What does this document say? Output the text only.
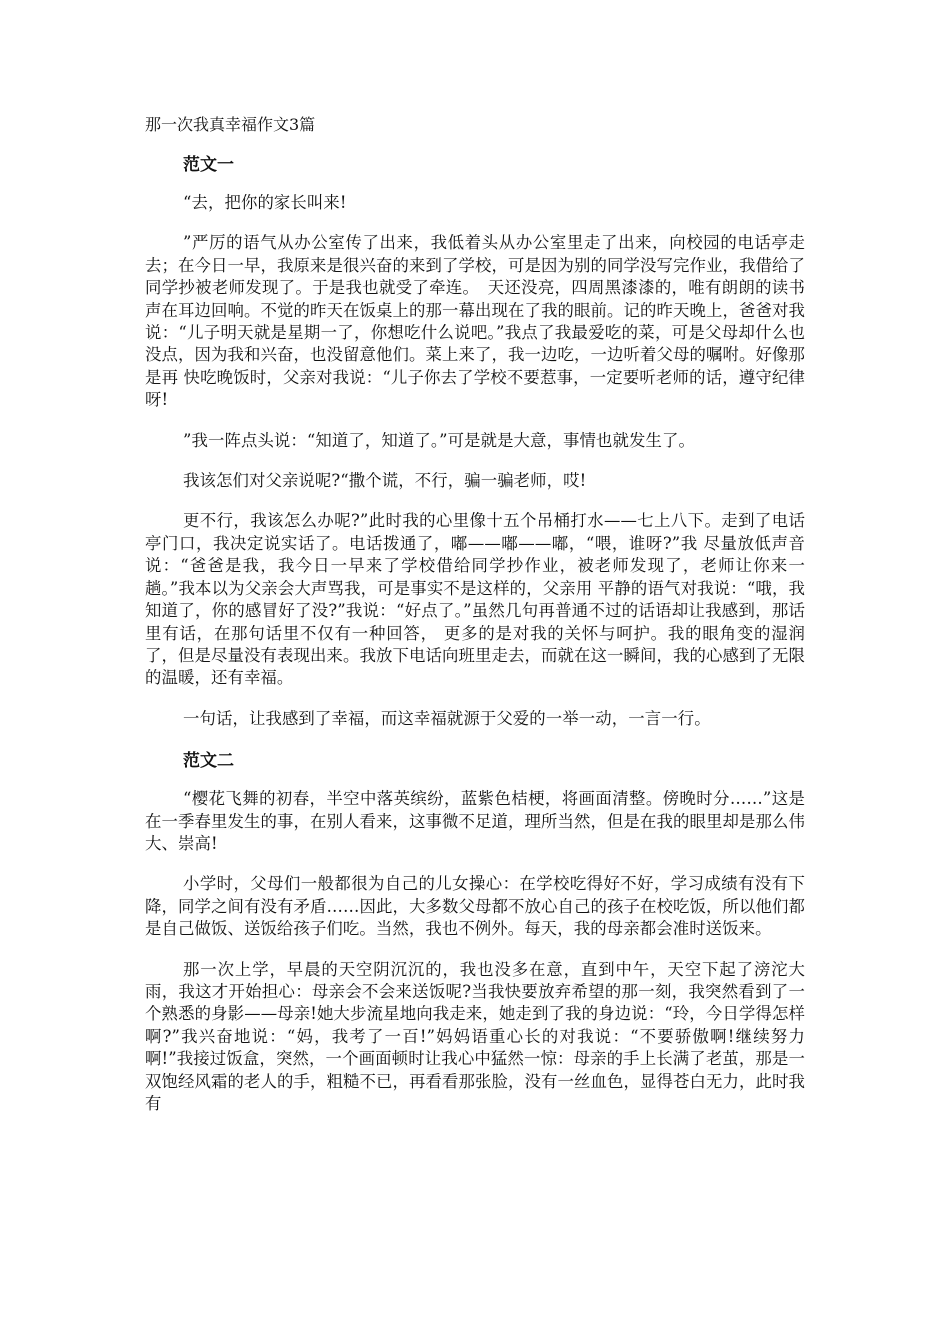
那一次我真幸福作文3篇
范文一

“去，把你的家长叫来!

”严厉的语气从办公室传了出来，我低着头从办公室里走了出来，向校园的电话亭走去；在今日一早，我原来是很兴奋的来到了学校，可是因为别的同学没写完作业，我借给了同学抄被老师发现了。于是我也就受了牵连。　天还没亮，四周黑漆漆的，唯有朗朗的读书声在耳边回响。不觉的昨天在饭桌上的那一幕出现在了我的眼前。记的昨天晚上，爸爸对我说：“儿子明天就是星期一了，你想吃什么说吧。”我点了我最爱吃的菜，可是父母却什么也没点，因为我和兴奋，也没留意他们。菜上来了，我一边吃，一边听着父母的嘱咐。好像那是再 快吃晚饭时，父亲对我说：“儿子你去了学校不要惹事，一定要听老师的话，遵守纪律呀!

”我一阵点头说：“知道了，知道了。”可是就是大意，事情也就发生了。

我该怎们对父亲说呢?“撒个谎，不行，骗一骗老师，哎!

更不行，我该怎么办呢?”此时我的心里像十五个吊桶打水——七上八下。走到了电话亭门口，我决定说实话了。电话拨通了，嘟——嘟——嘟，“喂，谁呀?”我 尽量放低声音说：“爸爸是我，我今日一早来了学校借给同学抄作业，被老师发现了，老师让你来一趟。”我本以为父亲会大声骂我，可是事实不是这样的，父亲用 平静的语气对我说：“哦，我知道了，你的感冒好了没?”我说：“好点了。”虽然几句再普通不过的话语却让我感到，那话里有话，在那句话里不仅有一种回答， 更多的是对我的关怀与呵护。我的眼角变的湿润了，但是尽量没有表现出来。我放下电话向班里走去，而就在这一瞬间，我的心感到了无限的温暖，还有幸福。

一句话，让我感到了幸福，而这幸福就源于父爱的一举一动，一言一行。

范文二

“樱花飞舞的初春，半空中落英缤纷，蓝紫色桔梗，将画面清整。傍晚时分……”这是在一季春里发生的事，在别人看来，这事微不足道，理所当然，但是在我的眼里却是那么伟大、崇高!

小学时，父母们一般都很为自己的儿女操心：在学校吃得好不好，学习成绩有没有下降，同学之间有没有矛盾……因此，大多数父母都不放心自己的孩子在校吃饭，所以他们都是自己做饭、送饭给孩子们吃。当然，我也不例外。每天，我的母亲都会准时送饭来。

那一次上学，早晨的天空阴沉沉的，我也没多在意，直到中午，天空下起了滂沱大雨，我这才开始担心：母亲会不会来送饭呢?当我快要放弃希望的那一刻，我突然看到了一个熟悉的身影——母亲!她大步流星地向我走来，她走到了我的身边说：“玲，今日学得怎样啊?”我兴奋地说：“妈，我考了一百!”妈妈语重心长的对我说：“不要骄傲啊!继续努力啊!”我接过饭盒，突然，一个画面顿时让我心中猛然一惊：母亲的手上长满了老茧，那是一双饱经风霜的老人的手，粗糙不已，再看看那张脸，没有一丝血色，显得苍白无力，此时我有
